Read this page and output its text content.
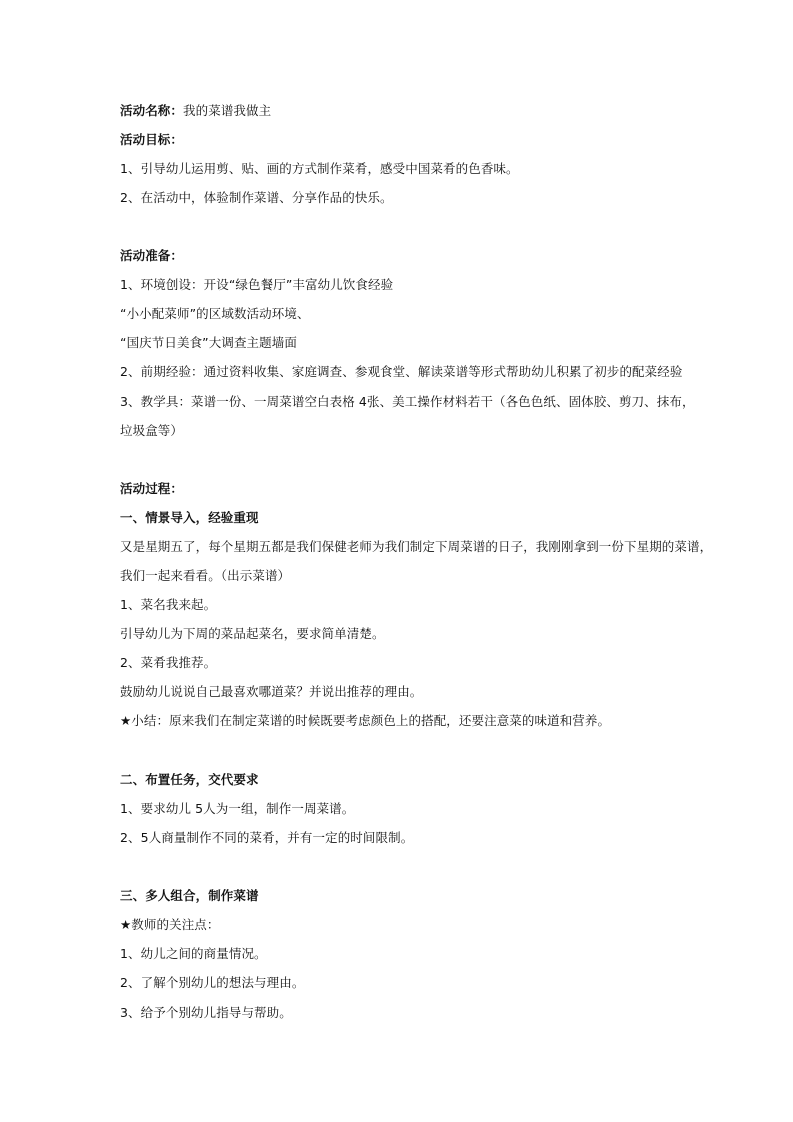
活动名称：我的菜谱我做主
活动目标：
1、引导幼儿运用剪、贴、画的方式制作菜肴，感受中国菜肴的色香味。
2、在活动中，体验制作菜谱、分享作品的快乐。
活动准备：
1、环境创设：开设“绿色餐厅”丰富幼儿饮食经验
“小小配菜师”的区域数活动环境、
“国庆节日美食”大调查主题墙面
2、前期经验：通过资料收集、家庭调查、参观食堂、解读菜谱等形式帮助幼儿积累了初步的配菜经验
3、教学具：菜谱一份、一周菜谱空白表格 4张、美工操作材料若干（各色色纸、固体胶、剪刀、抹布，
垃圾盒等）
活动过程：
一、情景导入，经验重现
又是星期五了，每个星期五都是我们保健老师为我们制定下周菜谱的日子，我刚刚拿到一份下星期的菜谱，
我们一起来看看。（出示菜谱）
1、菜名我来起。
引导幼儿为下周的菜品起菜名，要求简单清楚。
2、菜肴我推荐。
鼓励幼儿说说自己最喜欢哪道菜？并说出推荐的理由。
★小结：原来我们在制定菜谱的时候既要考虑颜色上的搭配，还要注意菜的味道和营养。
二、布置任务，交代要求
1、要求幼儿 5人为一组，制作一周菜谱。
2、5人商量制作不同的菜肴，并有一定的时间限制。
三、多人组合，制作菜谱
★教师的关注点：
1、幼儿之间的商量情况。
2、了解个别幼儿的想法与理由。
3、给予个别幼儿指导与帮助。
